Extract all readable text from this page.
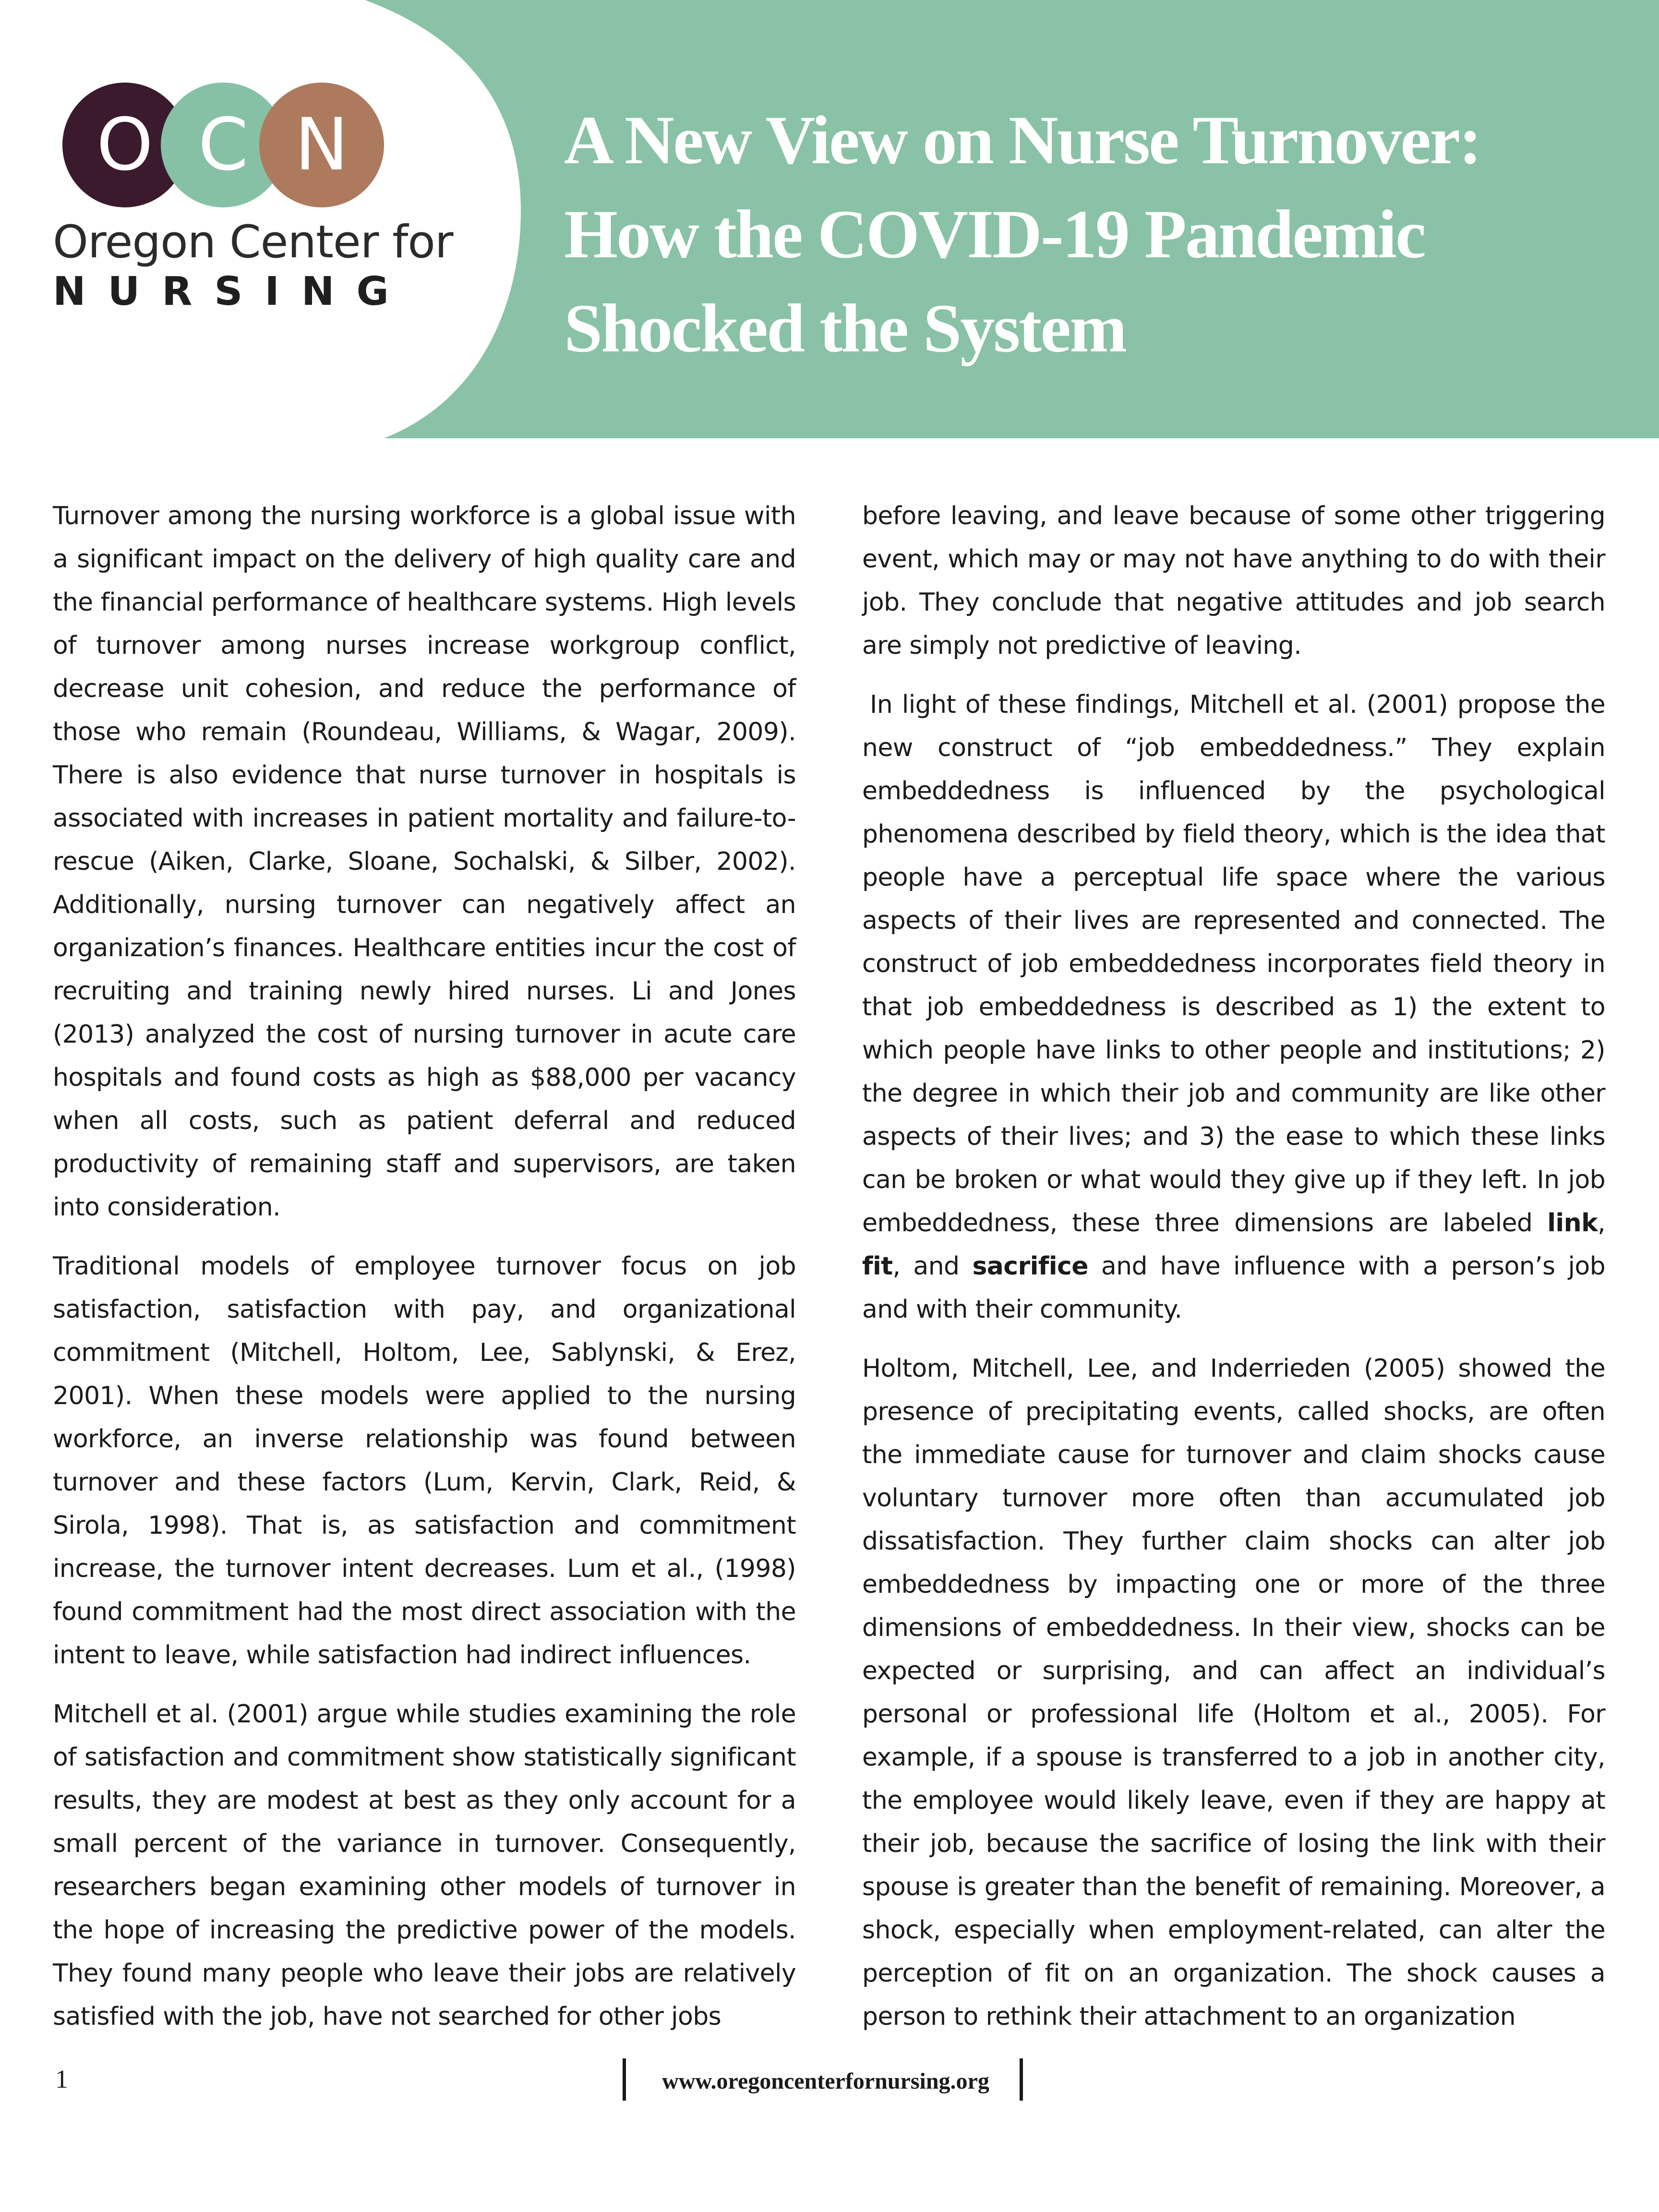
O C N
Oregon Center for
NURSING
A New View on Nurse Turnover:
How the COVID-19 Pandemic
Shocked the System

Turnover among the nursing workforce is a global issue with a significant impact on the delivery of high quality care and the financial performance of healthcare systems. High levels of turnover among nurses increase workgroup conflict, decrease unit cohesion, and reduce the performance of those who remain (Roundeau, Williams, & Wagar, 2009). There is also evidence that nurse turnover in hospitals is associated with increases in patient mortality and failure-to-rescue (Aiken, Clarke, Sloane, Sochalski, & Silber, 2002). Additionally, nursing turnover can negatively affect an organization’s finances. Healthcare entities incur the cost of recruiting and training newly hired nurses. Li and Jones (2013) analyzed the cost of nursing turnover in acute care hospitals and found costs as high as $88,000 per vacancy when all costs, such as patient deferral and reduced productivity of remaining staff and supervisors, are taken into consideration.

Traditional models of employee turnover focus on job satisfaction, satisfaction with pay, and organizational commitment (Mitchell, Holtom, Lee, Sablynski, & Erez, 2001). When these models were applied to the nursing workforce, an inverse relationship was found between turnover and these factors (Lum, Kervin, Clark, Reid, & Sirola, 1998). That is, as satisfaction and commitment increase, the turnover intent decreases. Lum et al., (1998) found commitment had the most direct association with the intent to leave, while satisfaction had indirect influences.

Mitchell et al. (2001) argue while studies examining the role of satisfaction and commitment show statistically significant results, they are modest at best as they only account for a small percent of the variance in turnover. Consequently, researchers began examining other models of turnover in the hope of increasing the predictive power of the models. They found many people who leave their jobs are relatively satisfied with the job, have not searched for other jobs

before leaving, and leave because of some other triggering event, which may or may not have anything to do with their job. They conclude that negative attitudes and job search are simply not predictive of leaving.

In light of these findings, Mitchell et al. (2001) propose the new construct of “job embeddedness.” They explain embeddedness is influenced by the psychological phenomena described by field theory, which is the idea that people have a perceptual life space where the various aspects of their lives are represented and connected. The construct of job embeddedness incorporates field theory in that job embeddedness is described as 1) the extent to which people have links to other people and institutions; 2) the degree in which their job and community are like other aspects of their lives; and 3) the ease to which these links can be broken or what would they give up if they left. In job embeddedness, these three dimensions are labeled link, fit, and sacrifice and have influence with a person’s job and with their community.

Holtom, Mitchell, Lee, and Inderrieden (2005) showed the presence of precipitating events, called shocks, are often the immediate cause for turnover and claim shocks cause voluntary turnover more often than accumulated job dissatisfaction. They further claim shocks can alter job embeddedness by impacting one or more of the three dimensions of embeddedness. In their view, shocks can be expected or surprising, and can affect an individual’s personal or professional life (Holtom et al., 2005). For example, if a spouse is transferred to a job in another city, the employee would likely leave, even if they are happy at their job, because the sacrifice of losing the link with their spouse is greater than the benefit of remaining. Moreover, a shock, especially when employment-related, can alter the perception of fit on an organization. The shock causes a person to rethink their attachment to an organization

1	www.oregoncenterfornursing.org
